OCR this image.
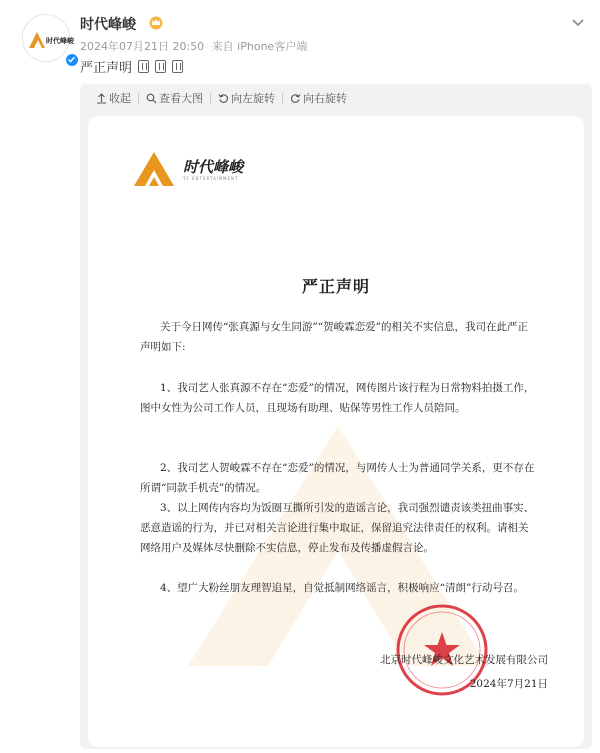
时代峰峻
时代峰峻
2024年07月21日 20:50 来自 iPhone客户端
严正声明
收起	查看大图	向左旋转	向右旋转
时代峰峻
TF ENTERTAINMENT
严正声明
关于今日网传“张真源与女生同游”“贺峻霖恋爱”的相关不实信息，我司在此严正声明如下:
1、我司艺人张真源不存在“恋爱”的情况，网传图片该行程为日常物料拍摄工作，图中女性为公司工作人员，且现场有助理、贴保等男性工作人员陪同。
2、我司艺人贺峻霖不存在“恋爱”的情况，与网传人士为普通同学关系，更不存在所谓“同款手机壳”的情况。
3、以上网传内容均为饭圈互撕所引发的造谣言论，我司强烈谴责该类扭曲事实、恶意造谣的行为，并已对相关言论进行集中取证，保留追究法律责任的权利。请相关网络用户及媒体尽快删除不实信息，停止发布及传播虚假言论。
4、望广大粉丝朋友理智追星，自觉抵制网络谣言，积极响应“清朗”行动号召。
北京时代峰峻文化艺术发展有限公司
2024年7月21日
